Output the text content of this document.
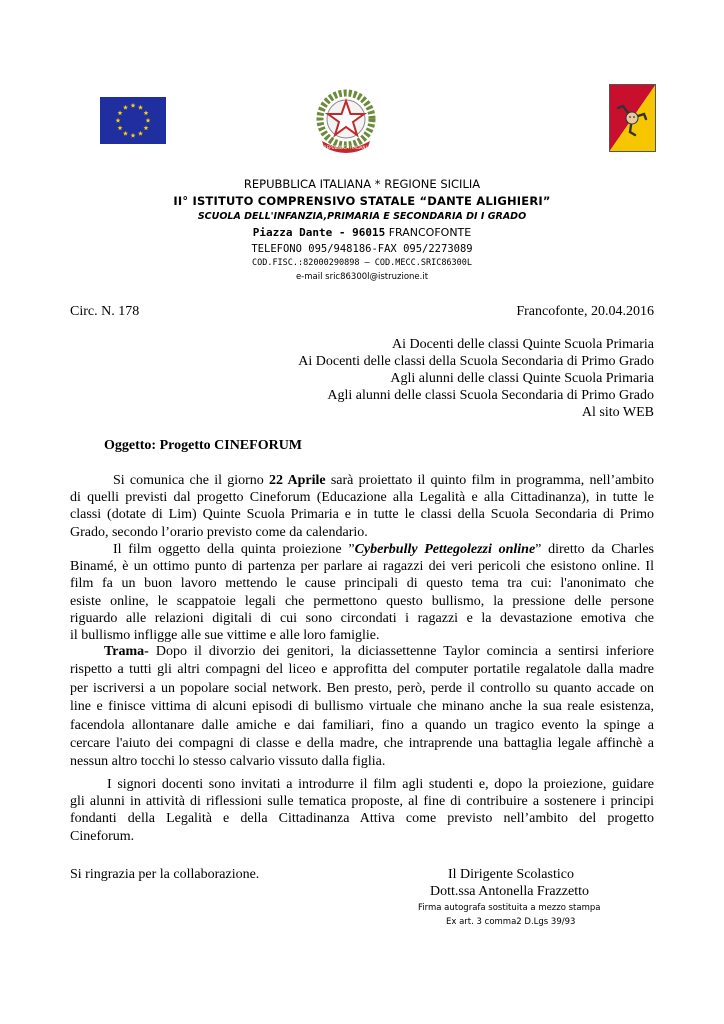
REPUBBLICA ITALIANA
REPUBBLICA ITALIANA * REGIONE SICILIA
II° ISTITUTO COMPRENSIVO STATALE “DANTE ALIGHIERI”
SCUOLA DELL'INFANZIA,PRIMARIA E SECONDARIA DI I GRADO
Piazza Dante - 96015 FRANCOFONTE
TELEFONO 095/948186-FAX 095/2273089
COD.FISC.:82000290898 – COD.MECC.SRIC86300L
e-mail sric86300l@istruzione.it
Circ. N. 178	Francofonte, 20.04.2016
Ai Docenti delle classi Quinte Scuola Primaria
Ai Docenti delle classi della Scuola Secondaria di Primo Grado
Agli alunni delle classi Quinte Scuola Primaria
Agli alunni delle classi Scuola Secondaria di Primo Grado
Al sito WEB
Oggetto: Progetto CINEFORUM
Si comunica che il giorno 22 Aprile sarà proiettato il quinto film in programma, nell’ambito
di quelli previsti dal progetto Cineforum (Educazione alla Legalità e alla Cittadinanza), in tutte le
classi (dotate di Lim) Quinte Scuola Primaria e in tutte le classi della Scuola Secondaria di Primo
Grado, secondo l’orario previsto come da calendario.
Il film oggetto della quinta proiezione ”Cyberbully Pettegolezzi online” diretto da Charles
Binamé, è un ottimo punto di partenza per parlare ai ragazzi dei veri pericoli che esistono online. Il
film fa un buon lavoro mettendo le cause principali di questo tema tra cui: l'anonimato che
esiste online, le scappatoie legali che permettono questo bullismo, la pressione delle persone
riguardo alle relazioni digitali di cui sono circondati i ragazzi e la devastazione emotiva che
il bullismo infligge alle sue vittime e alle loro famiglie.
Trama- Dopo il divorzio dei genitori, la diciassettenne Taylor comincia a sentirsi inferiore
rispetto a tutti gli altri compagni del liceo e approfitta del computer portatile regalatole dalla madre
per iscriversi a un popolare social network. Ben presto, però, perde il controllo su quanto accade on
line e finisce vittima di alcuni episodi di bullismo virtuale che minano anche la sua reale esistenza,
facendola allontanare dalle amiche e dai familiari, fino a quando un tragico evento la spinge a
cercare l'aiuto dei compagni di classe e della madre, che intraprende una battaglia legale affinchè a
nessun altro tocchi lo stesso calvario vissuto dalla figlia.
I signori docenti sono invitati a introdurre il film agli studenti e, dopo la proiezione, guidare
gli alunni in attività di riflessioni sulle tematica proposte, al fine di contribuire a sostenere i principi
fondanti della Legalità e della Cittadinanza Attiva come previsto nell’ambito del progetto
Cineforum.
Si ringrazia per la collaborazione.	Il Dirigente Scolastico
Dott.ssa Antonella Frazzetto
Firma autografa sostituita a mezzo stampa
Ex art. 3 comma2 D.Lgs 39/93
